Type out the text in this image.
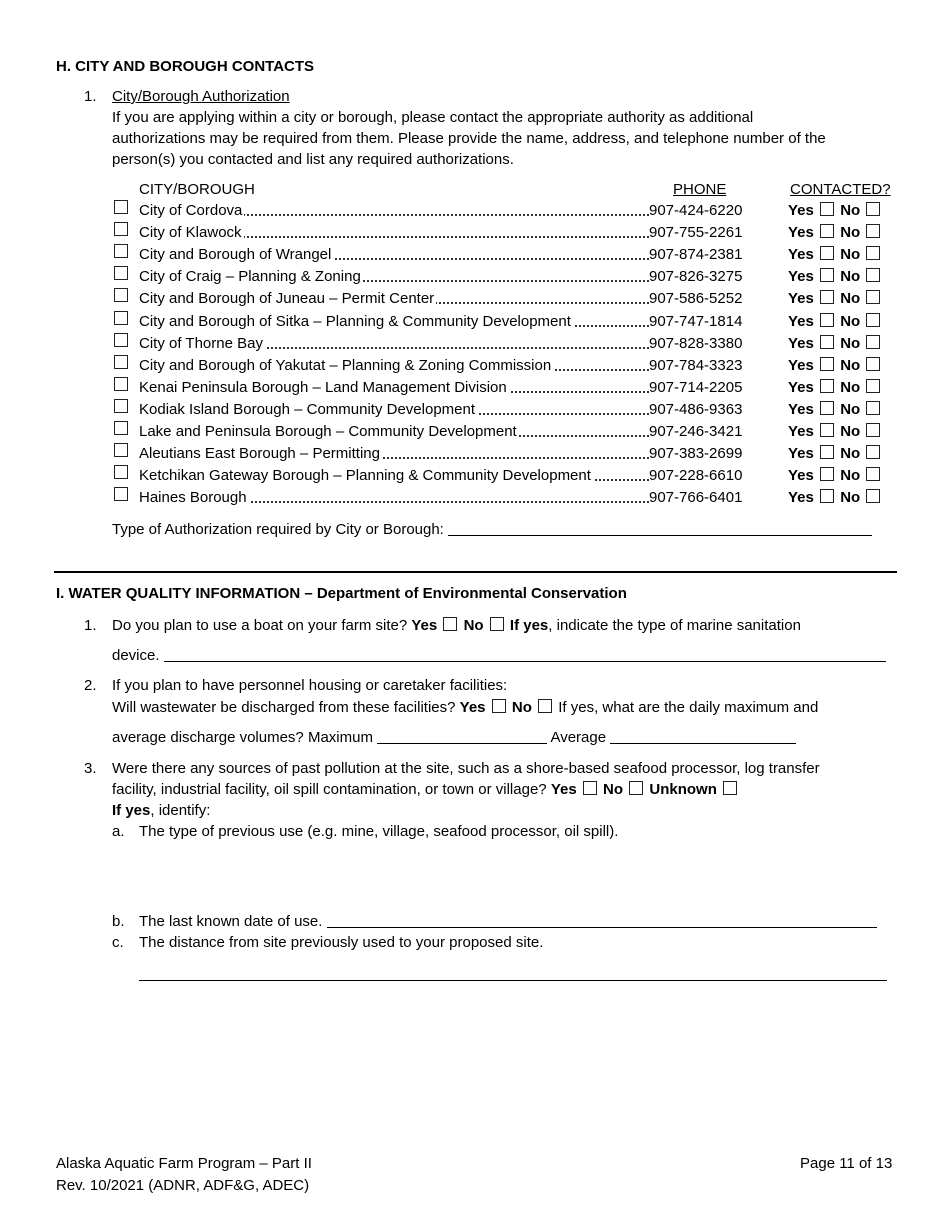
H. CITY AND BOROUGH CONTACTS
1. City/Borough Authorization
If you are applying within a city or borough, please contact the appropriate authority as additional
authorizations may be required from them. Please provide the name, address, and telephone number of the
person(s) you contacted and list any required authorizations.
CITY/BOROUGH	PHONE	CONTACTED?
City of Cordova	907-424-6220	Yes No
City of Klawock	907-755-2261	Yes No
City and Borough of Wrangel	907-874-2381	Yes No
City of Craig – Planning & Zoning	907-826-3275	Yes No
City and Borough of Juneau – Permit Center	907-586-5252	Yes No
City and Borough of Sitka – Planning & Community Development	907-747-1814	Yes No
City of Thorne Bay	907-828-3380	Yes No
City and Borough of Yakutat – Planning & Zoning Commission	907-784-3323	Yes No
Kenai Peninsula Borough – Land Management Division	907-714-2205	Yes No
Kodiak Island Borough – Community Development	907-486-9363	Yes No
Lake and Peninsula Borough – Community Development	907-246-3421	Yes No
Aleutians East Borough – Permitting	907-383-2699	Yes No
Ketchikan Gateway Borough – Planning & Community Development	907-228-6610	Yes No
Haines Borough	907-766-6401	Yes No
Type of Authorization required by City or Borough:
I. WATER QUALITY INFORMATION – Department of Environmental Conservation
1. Do you plan to use a boat on your farm site? Yes No If yes, indicate the type of marine sanitation
device.
2. If you plan to have personnel housing or caretaker facilities:
Will wastewater be discharged from these facilities? Yes No If yes, what are the daily maximum and
average discharge volumes? Maximum	Average
3. Were there any sources of past pollution at the site, such as a shore-based seafood processor, log transfer
facility, industrial facility, oil spill contamination, or town or village? Yes No Unknown
If yes, identify:
a. The type of previous use (e.g. mine, village, seafood processor, oil spill).
b. The last known date of use.
c. The distance from site previously used to your proposed site.
Alaska Aquatic Farm Program – Part II
Rev. 10/2021 (ADNR, ADF&G, ADEC)
Page 11 of 13
